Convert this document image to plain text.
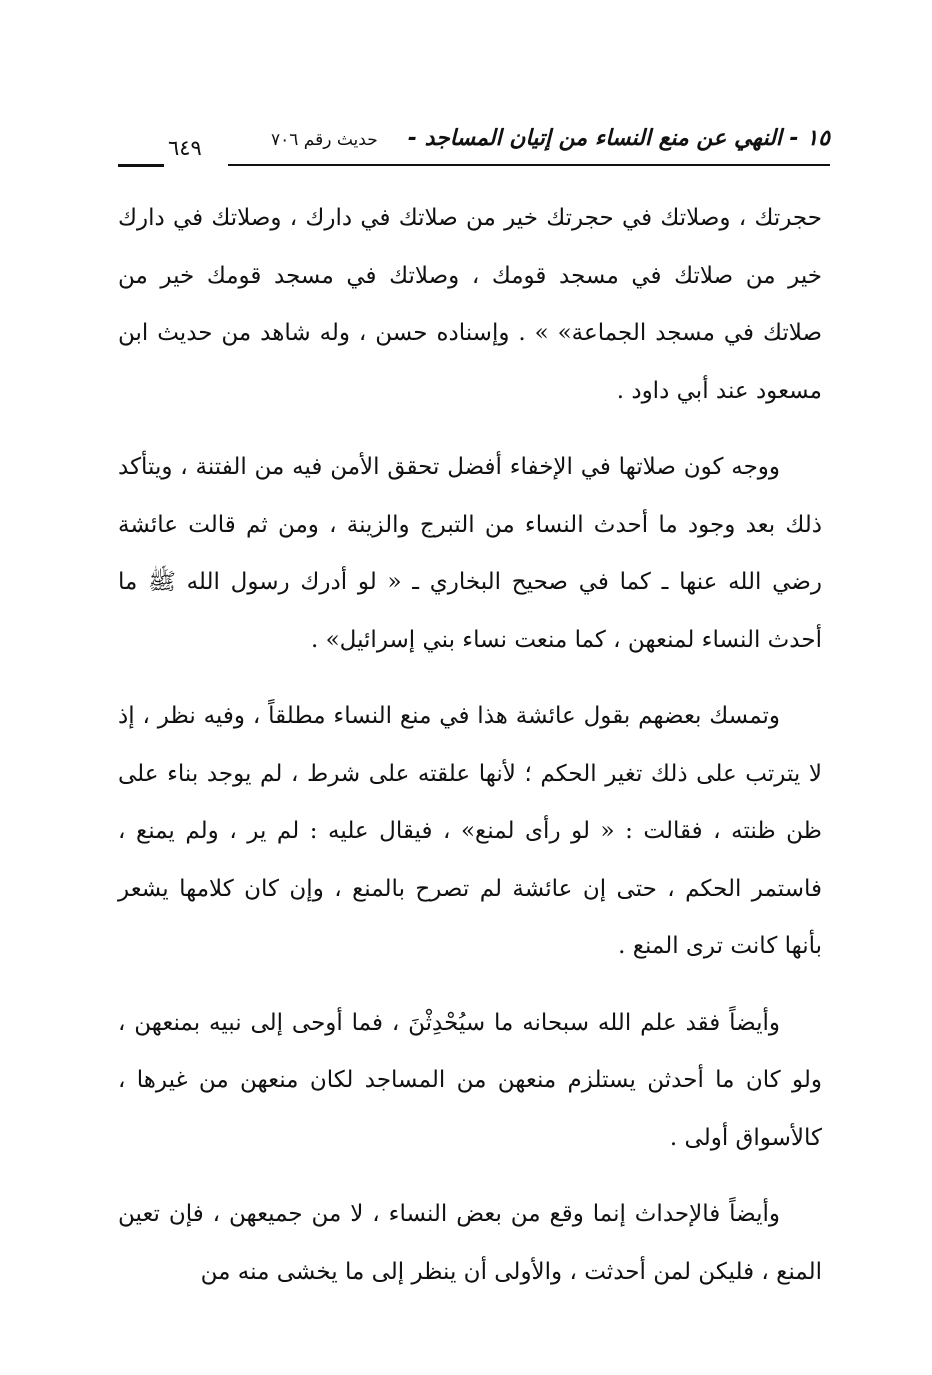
١٥ - النهي عن منع النساء من إتيان المساجد -
حديث رقم ٧٠٦
٦٤٩

حجرتك ، وصلاتك في حجرتك خير من صلاتك في دارك ، وصلاتك في دارك خير من صلاتك في مسجد قومك ، وصلاتك في مسجد قومك خير من صلاتك في مسجد الجماعة» » . وإسناده حسن ، وله شاهد من حديث ابن مسعود عند أبي داود .

ووجه كون صلاتها في الإخفاء أفضل تحقق الأمن فيه من الفتنة ، ويتأكد ذلك بعد وجود ما أحدث النساء من التبرج والزينة ، ومن ثم قالت عائشة رضي الله عنها ـ كما في صحيح البخاري ـ « لو أدرك رسول الله ﷺ ما أحدث النساء لمنعهن ، كما منعت نساء بني إسرائيل» .

وتمسك بعضهم بقول عائشة هذا في منع النساء مطلقاً ، وفيه نظر ، إذ لا يترتب على ذلك تغير الحكم ؛ لأنها علقته على شرط ، لم يوجد بناء على ظن ظنته ، فقالت : « لو رأى لمنع» ، فيقال عليه : لم ير ، ولم يمنع ، فاستمر الحكم ، حتى إن عائشة لم تصرح بالمنع ، وإن كان كلامها يشعر بأنها كانت ترى المنع .

وأيضاً فقد علم الله سبحانه ما سيُحْدِثْنَ ، فما أوحى إلى نبيه بمنعهن ، ولو كان ما أحدثن يستلزم منعهن من المساجد لكان منعهن من غيرها ، كالأسواق أولى .

وأيضاً فالإحداث إنما وقع من بعض النساء ، لا من جميعهن ، فإن تعين المنع ، فليكن لمن أحدثت ، والأولى أن ينظر إلى ما يخشى منه من
